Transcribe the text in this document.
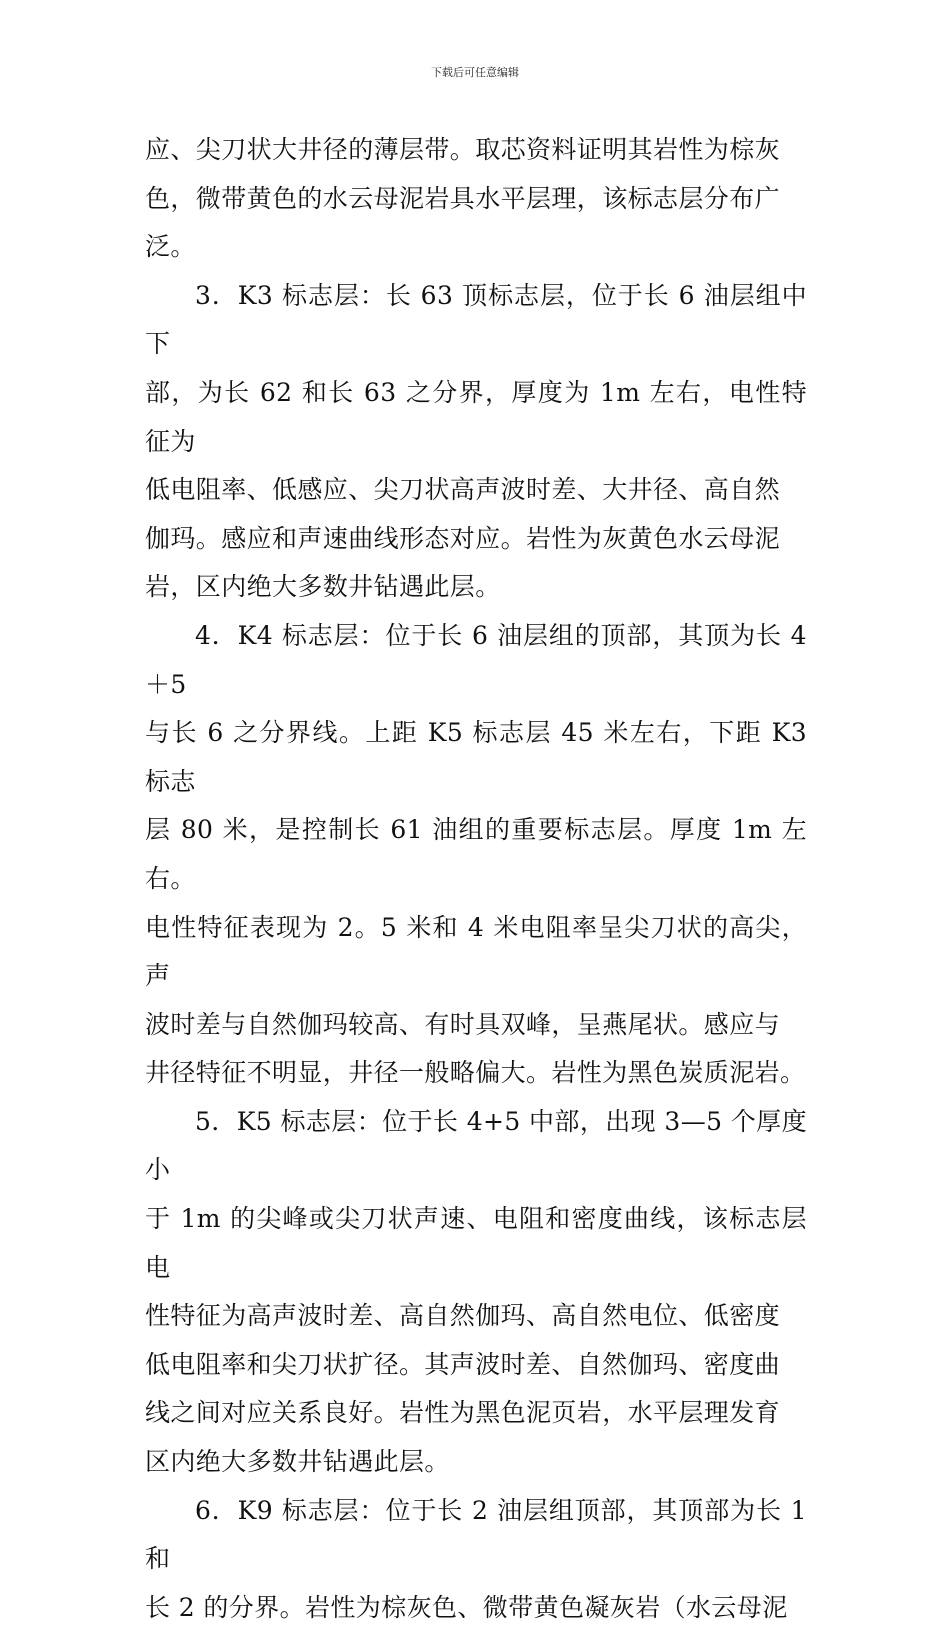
下载后可任意编辑

应、尖刀状大井径的薄层带。取芯资料证明其岩性为棕灰
色，微带黄色的水云母泥岩具水平层理，该标志层分布广
泛。

3．K3 标志层：长 63 顶标志层，位于长 6 油层组中下
部，为长 62 和长 63 之分界，厚度为 1m 左右，电性特征为
低电阻率、低感应、尖刀状高声波时差、大井径、高自然
伽玛。感应和声速曲线形态对应。岩性为灰黄色水云母泥
岩，区内绝大多数井钻遇此层。

4．K4 标志层：位于长 6 油层组的顶部，其顶为长 4＋5
与长 6 之分界线。上距 K5 标志层 45 米左右，下距 K3 标志
层 80 米，是控制长 61 油组的重要标志层。厚度 1m 左右。
电性特征表现为 2。5 米和 4 米电阻率呈尖刀状的高尖，声
波时差与自然伽玛较高、有时具双峰，呈燕尾状。感应与
井径特征不明显，井径一般略偏大。岩性为黑色炭质泥岩。

5．K5 标志层：位于长 4+5 中部，出现 3—5 个厚度小
于 1m 的尖峰或尖刀状声速、电阻和密度曲线，该标志层电
性特征为高声波时差、高自然伽玛、高自然电位、低密度
低电阻率和尖刀状扩径。其声波时差、自然伽玛、密度曲
线之间对应关系良好。岩性为黑色泥页岩，水平层理发育
区内绝大多数井钻遇此层。

6．K9 标志层：位于长 2 油层组顶部，其顶部为长 1 和
长 2 的分界。岩性为棕灰色、微带黄色凝灰岩（水云母泥
